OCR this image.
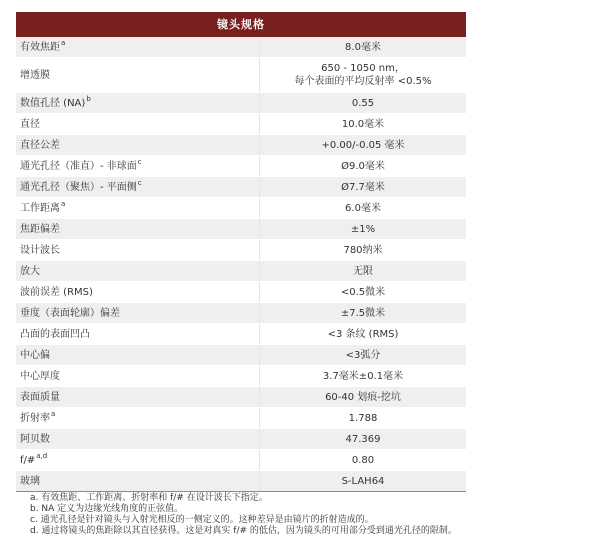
镜头规格	
有效焦距$^a$	8.0毫米

增透膜	650 - 1050 nm，
每个表面的平均反射率 <0.5%

数值孔径 (NA)$^b$	0.55

直径	10.0毫米

直径公差	+0.00/-0.05 毫米

通光孔径（准直）- 非球面$^c$	Ø9.0毫米

通光孔径（聚焦）- 平面侧$^c$	Ø7.7毫米

工作距离$^a$	6.0毫米

焦距偏差	±1%

设计波长	780纳米

放大	无限

波前误差 (RMS)	<0.5微米

垂度（表面轮廓）偏差	±7.5微米

凸面的表面凹凸	<3 条纹 (RMS)

中心偏	<3弧分

中心厚度	3.7毫米±0.1毫米

表面质量	60-40 划痕-挖坑

折射率$^a$	1.788

阿贝数	47.369

f/#$^{a,d}$	0.80

玻璃	S-LAH64
a. 有效焦距、工作距离、折射率和 f/# 在设计波长下指定。
b. NA 定义为边缘光线角度的正弦值。
c. 通光孔径是针对镜头与入射光相反的一侧定义的。这种差异是由镜片的折射造成的。
d. 通过将镜头的焦距除以其直径获得。这是对真实 f/# 的低估，因为镜头的可用部分受到通光孔径的限制。
